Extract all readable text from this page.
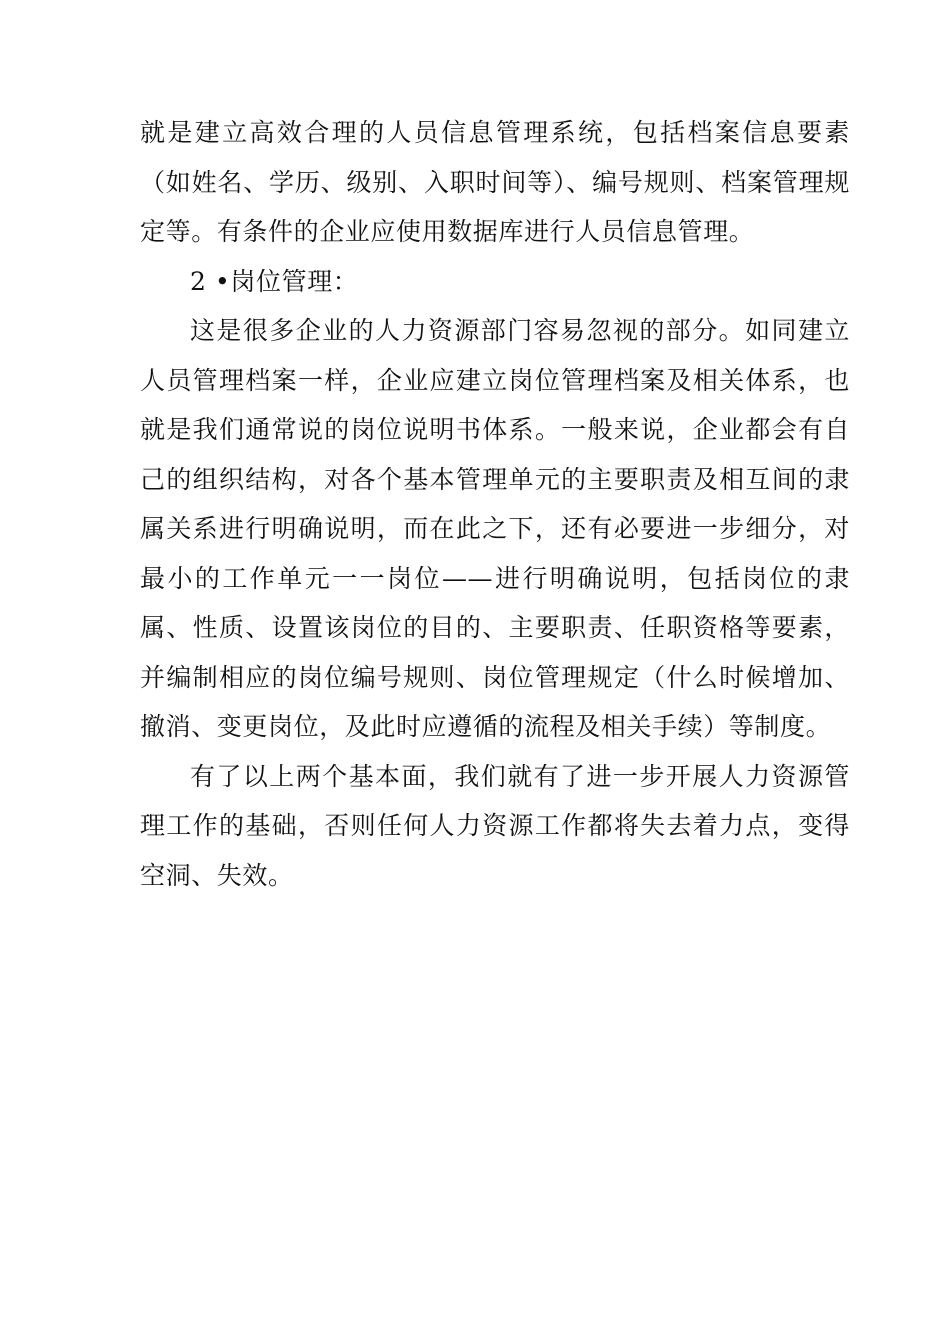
就是建立高效合理的人员信息管理系统，包括档案信息要素（如姓名、学历、级别、入职时间等）、编号规则、档案管理规定等。有条件的企业应使用数据库进行人员信息管理。

2 •岗位管理：

这是很多企业的人力资源部门容易忽视的部分。如同建立人员管理档案一样，企业应建立岗位管理档案及相关体系，也就是我们通常说的岗位说明书体系。一般来说，企业都会有自己的组织结构，对各个基本管理单元的主要职责及相互间的隶属关系进行明确说明，而在此之下，还有必要进一步细分，对最小的工作单元一一岗位——进行明确说明，包括岗位的隶属、性质、设置该岗位的目的、主要职责、任职资格等要素，并编制相应的岗位编号规则、岗位管理规定（什么时候增加、撤消、变更岗位，及此时应遵循的流程及相关手续）等制度。

有了以上两个基本面，我们就有了进一步开展人力资源管理工作的基础，否则任何人力资源工作都将失去着力点，变得空洞、失效。
